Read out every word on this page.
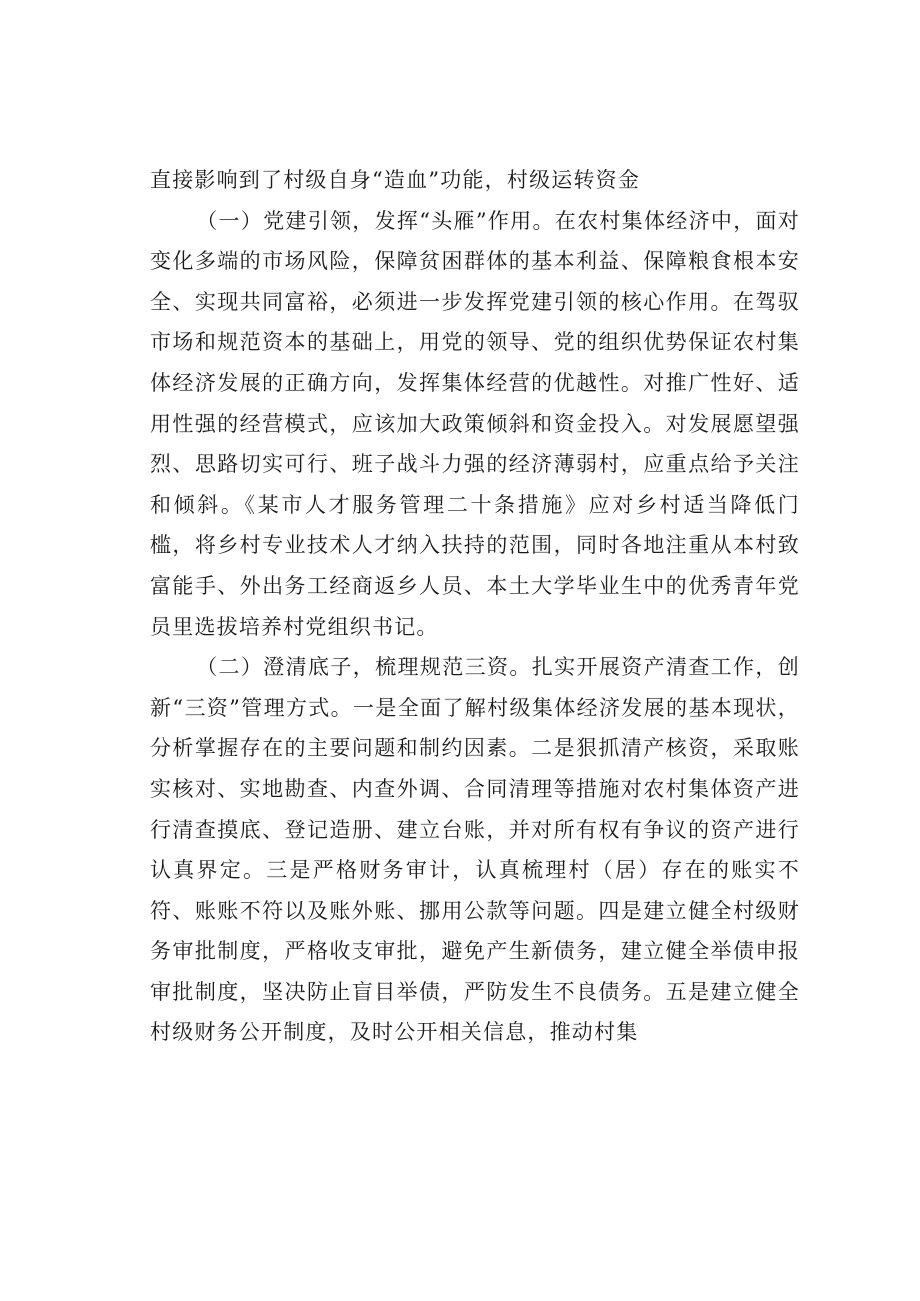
直接影响到了村级自身“造血”功能，村级运转资金

（一）党建引领，发挥“头雁”作用。在农村集体经济中，面对变化多端的市场风险，保障贫困群体的基本利益、保障粮食根本安全、实现共同富裕，必须进一步发挥党建引领的核心作用。在驾驭市场和规范资本的基础上，用党的领导、党的组织优势保证农村集体经济发展的正确方向，发挥集体经营的优越性。对推广性好、适用性强的经营模式，应该加大政策倾斜和资金投入。对发展愿望强烈、思路切实可行、班子战斗力强的经济薄弱村，应重点给予关注和倾斜。《某市人才服务管理二十条措施》应对乡村适当降低门槛，将乡村专业技术人才纳入扶持的范围，同时各地注重从本村致富能手、外出务工经商返乡人员、本土大学毕业生中的优秀青年党员里选拔培养村党组织书记。

（二）澄清底子，梳理规范三资。扎实开展资产清查工作，创新“三资”管理方式。一是全面了解村级集体经济发展的基本现状，分析掌握存在的主要问题和制约因素。二是狠抓清产核资，采取账实核对、实地勘查、内查外调、合同清理等措施对农村集体资产进行清查摸底、登记造册、建立台账，并对所有权有争议的资产进行认真界定。三是严格财务审计，认真梳理村（居）存在的账实不符、账账不符以及账外账、挪用公款等问题。四是建立健全村级财务审批制度，严格收支审批，避免产生新债务，建立健全举债申报审批制度，坚决防止盲目举债，严防发生不良债务。五是建立健全村级财务公开制度，及时公开相关信息，推动村集
